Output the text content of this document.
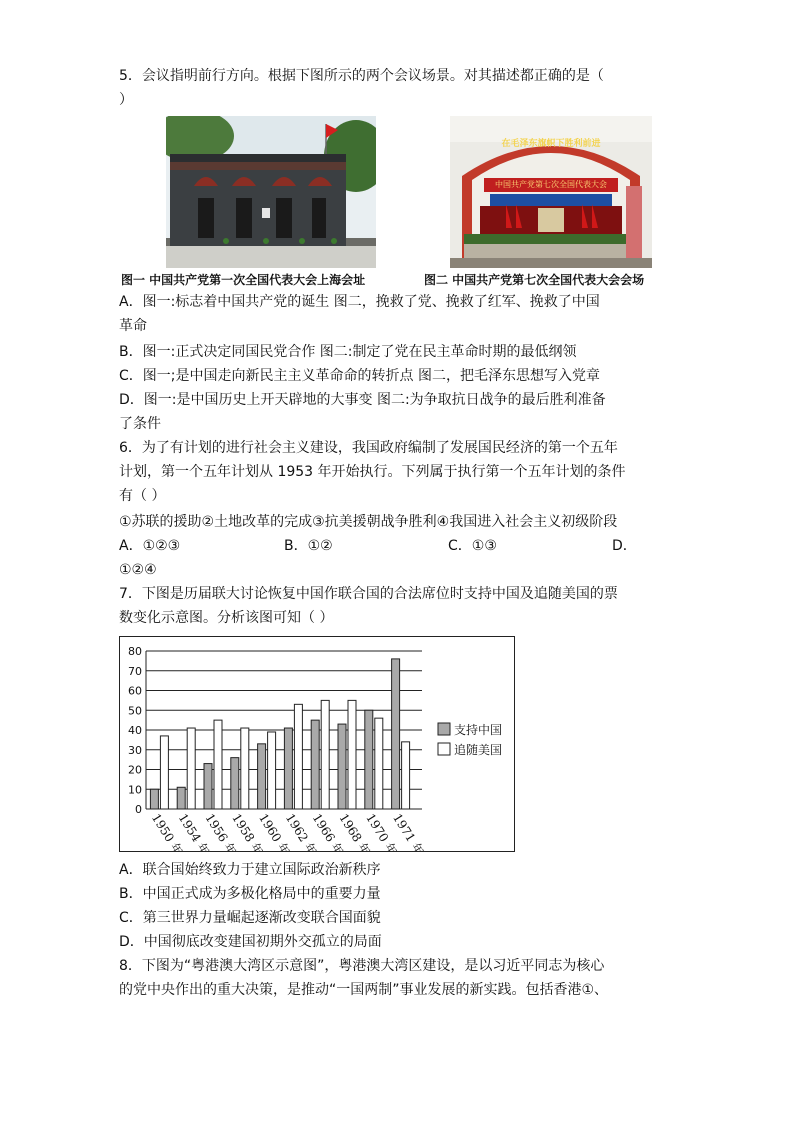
5．会议指明前行方向。根据下图所示的两个会议场景。对其描述都正确的是（
）
在毛泽东旗帜下胜利前进
中国共产党第七次全国代表大会
图一 中国共产党第一次全国代表大会上海会址	图二 中国共产党第七次全国代表大会会场
A．图一:标志着中国共产党的诞生 图二，挽救了党、挽救了红军、挽救了中国
革命
B．图一:正式决定同国民党合作 图二:制定了党在民主革命时期的最低纲领
C．图一;是中国走向新民主主义革命命的转折点 图二，把毛泽东思想写入党章
D．图一:是中国历史上开天辟地的大事变 图二:为争取抗日战争的最后胜利准备
了条件
6．为了有计划的进行社会主义建设，我国政府编制了发展国民经济的第一个五年
计划，第一个五年计划从 1953 年开始执行。下列属于执行第一个五年计划的条件
有（ ）
①苏联的援助②土地改革的完成③抗美援朝战争胜利④我国进入社会主义初级阶段
A．①②③	B．①②	C．①③	D．
①②④
7．下图是历届联大讨论恢复中国作联合国的合法席位时支持中国及追随美国的票
数变化示意图。分析该图可知（ ）
0
10
20
30
40
50
60
70
80
1950 年
1954 年
1956 年
1958 年
1960 年
1962 年
1966 年
1968 年
1970 年
1971 年
支持中国
追随美国
A．联合国始终致力于建立国际政治新秩序
B．中国正式成为多极化格局中的重要力量
C．第三世界力量崛起逐渐改变联合国面貌
D．中国彻底改变建国初期外交孤立的局面
8．下图为“粤港澳大湾区示意图”，粤港澳大湾区建设，是以习近平同志为核心
的党中央作出的重大决策，是推动“一国两制”事业发展的新实践。包括香港①、
